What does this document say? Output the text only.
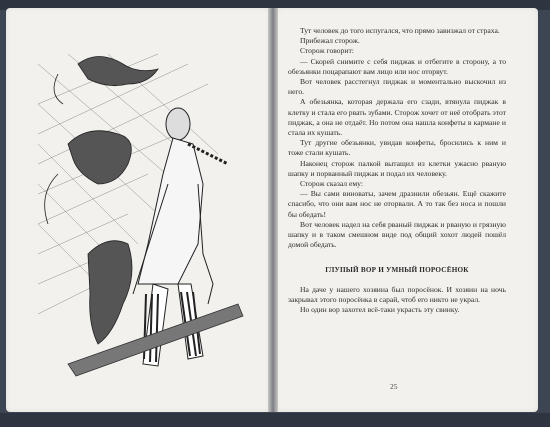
Тут человек до того испугался, что прямо завизжал от страха.

Прибежал сторож.

Сторож говорит:

— Скорей снимите с себя пиджак и отбегите в сторону, а то обезьянки поцарапают вам лицо или нос оторвут.

Вот человек расстегнул пиджак и моментально выскочил из него.

А обезьянка, которая держала его сзади, втянула пиджак в клетку и стала его рвать зубами. Сторож хочет от неё отобрать этот пиджак, а она не отдаёт. Но потом она нашла конфеты в кармане и стала их кушать.

Тут другие обезьянки, увидав конфеты, бросились к ним и тоже стали кушать.

Наконец сторож палкой вытащил из клетки ужасно рваную шапку и порванный пиджак и подал их человеку.

Сторож сказал ему:

— Вы сами виноваты, зачем дразнили обезьян. Ещё скажите спасибо, что они вам нос не оторвали. А то так без носа и пошли бы обедать!

Вот человек надел на себя рваный пиджак и рваную и грязную шапку и в таком смешном виде под общий хохот людей пошёл домой обедать.

ГЛУПЫЙ ВОР И УМНЫЙ ПОРОСЁНОК

На даче у нашего хозяина был поросёнок. И хозяин на ночь закрывал этого поросёнка в сарай, чтоб его никто не украл.

Но один вор захотел всё-таки украсть эту свинку.

25
